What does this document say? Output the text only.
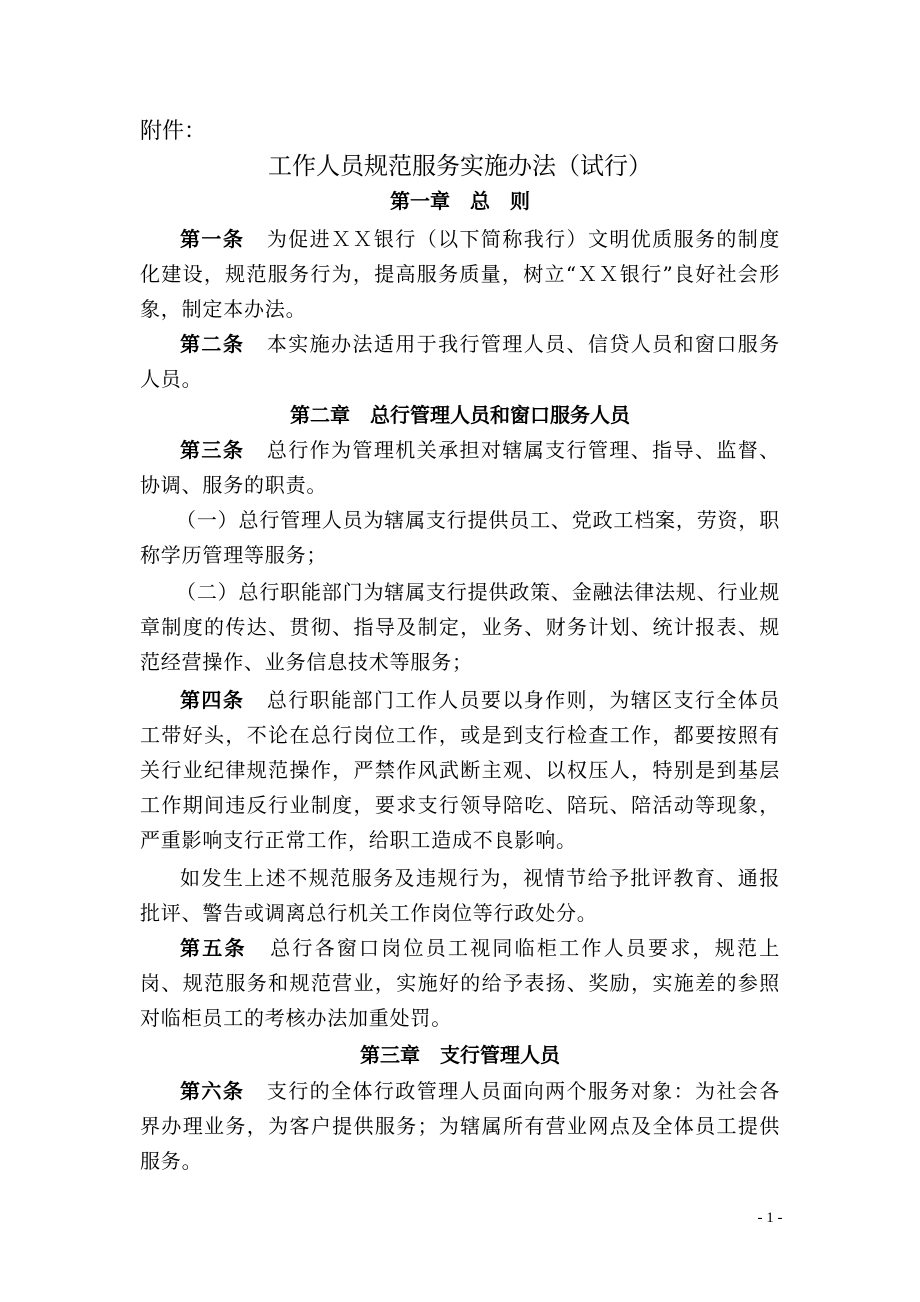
附件：
工作人员规范服务实施办法（试行）
第一章　总　则

第一条 为促进ＸＸ银行（以下简称我行）文明优质服务的制度化建设，规范服务行为，提高服务质量，树立“ＸＸ银行”良好社会形象，制定本办法。

第二条 本实施办法适用于我行管理人员、信贷人员和窗口服务人员。

第二章　总行管理人员和窗口服务人员

第三条 总行作为管理机关承担对辖属支行管理、指导、监督、协调、服务的职责。

（一）总行管理人员为辖属支行提供员工、党政工档案，劳资，职称学历管理等服务；

（二）总行职能部门为辖属支行提供政策、金融法律法规、行业规章制度的传达、贯彻、指导及制定，业务、财务计划、统计报表、规范经营操作、业务信息技术等服务；

第四条 总行职能部门工作人员要以身作则，为辖区支行全体员工带好头，不论在总行岗位工作，或是到支行检查工作，都要按照有关行业纪律规范操作，严禁作风武断主观、以权压人，特别是到基层工作期间违反行业制度，要求支行领导陪吃、陪玩、陪活动等现象，严重影响支行正常工作，给职工造成不良影响。

如发生上述不规范服务及违规行为，视情节给予批评教育、通报批评、警告或调离总行机关工作岗位等行政处分。

第五条 总行各窗口岗位员工视同临柜工作人员要求，规范上岗、规范服务和规范营业，实施好的给予表扬、奖励，实施差的参照对临柜员工的考核办法加重处罚。

第三章　支行管理人员

第六条 支行的全体行政管理人员面向两个服务对象：为社会各界办理业务，为客户提供服务；为辖属所有营业网点及全体员工提供服务。

- 1 -
